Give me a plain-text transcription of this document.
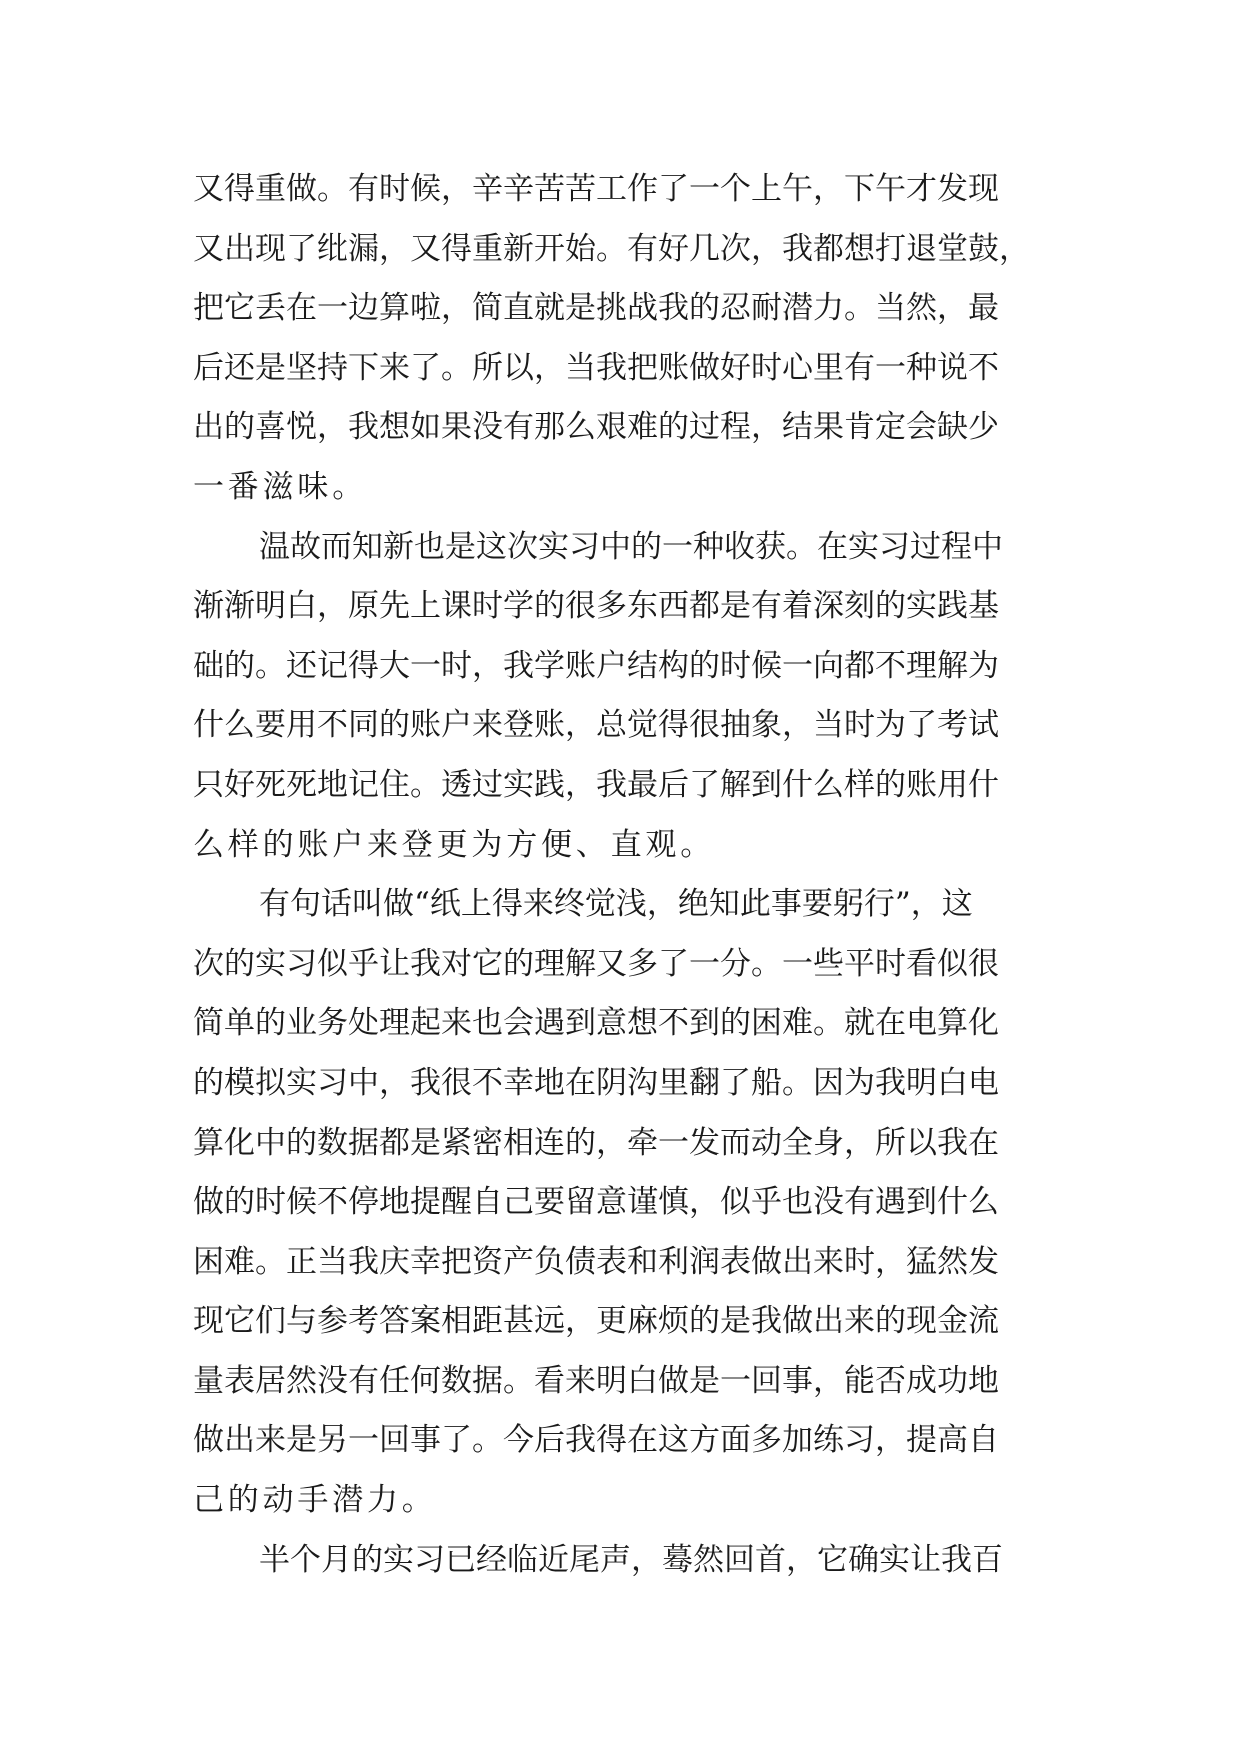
又得重做。有时候，辛辛苦苦工作了一个上午，下午才发现
又出现了纰漏，又得重新开始。有好几次，我都想打退堂鼓，
把它丢在一边算啦，简直就是挑战我的忍耐潜力。当然，最
后还是坚持下来了。所以，当我把账做好时心里有一种说不
出的喜悦，我想如果没有那么艰难的过程，结果肯定会缺少
一番滋味。
温故而知新也是这次实习中的一种收获。在实习过程中
渐渐明白，原先上课时学的很多东西都是有着深刻的实践基
础的。还记得大一时，我学账户结构的时候一向都不理解为
什么要用不同的账户来登账，总觉得很抽象，当时为了考试
只好死死地记住。透过实践，我最后了解到什么样的账用什
么样的账户来登更为方便、直观。
有句话叫做“纸上得来终觉浅，绝知此事要躬行”，这
次的实习似乎让我对它的理解又多了一分。一些平时看似很
简单的业务处理起来也会遇到意想不到的困难。就在电算化
的模拟实习中，我很不幸地在阴沟里翻了船。因为我明白电
算化中的数据都是紧密相连的，牵一发而动全身，所以我在
做的时候不停地提醒自己要留意谨慎，似乎也没有遇到什么
困难。正当我庆幸把资产负债表和利润表做出来时，猛然发
现它们与参考答案相距甚远，更麻烦的是我做出来的现金流
量表居然没有任何数据。看来明白做是一回事，能否成功地
做出来是另一回事了。今后我得在这方面多加练习，提高自
己的动手潜力。
半个月的实习已经临近尾声，蓦然回首，它确实让我百
